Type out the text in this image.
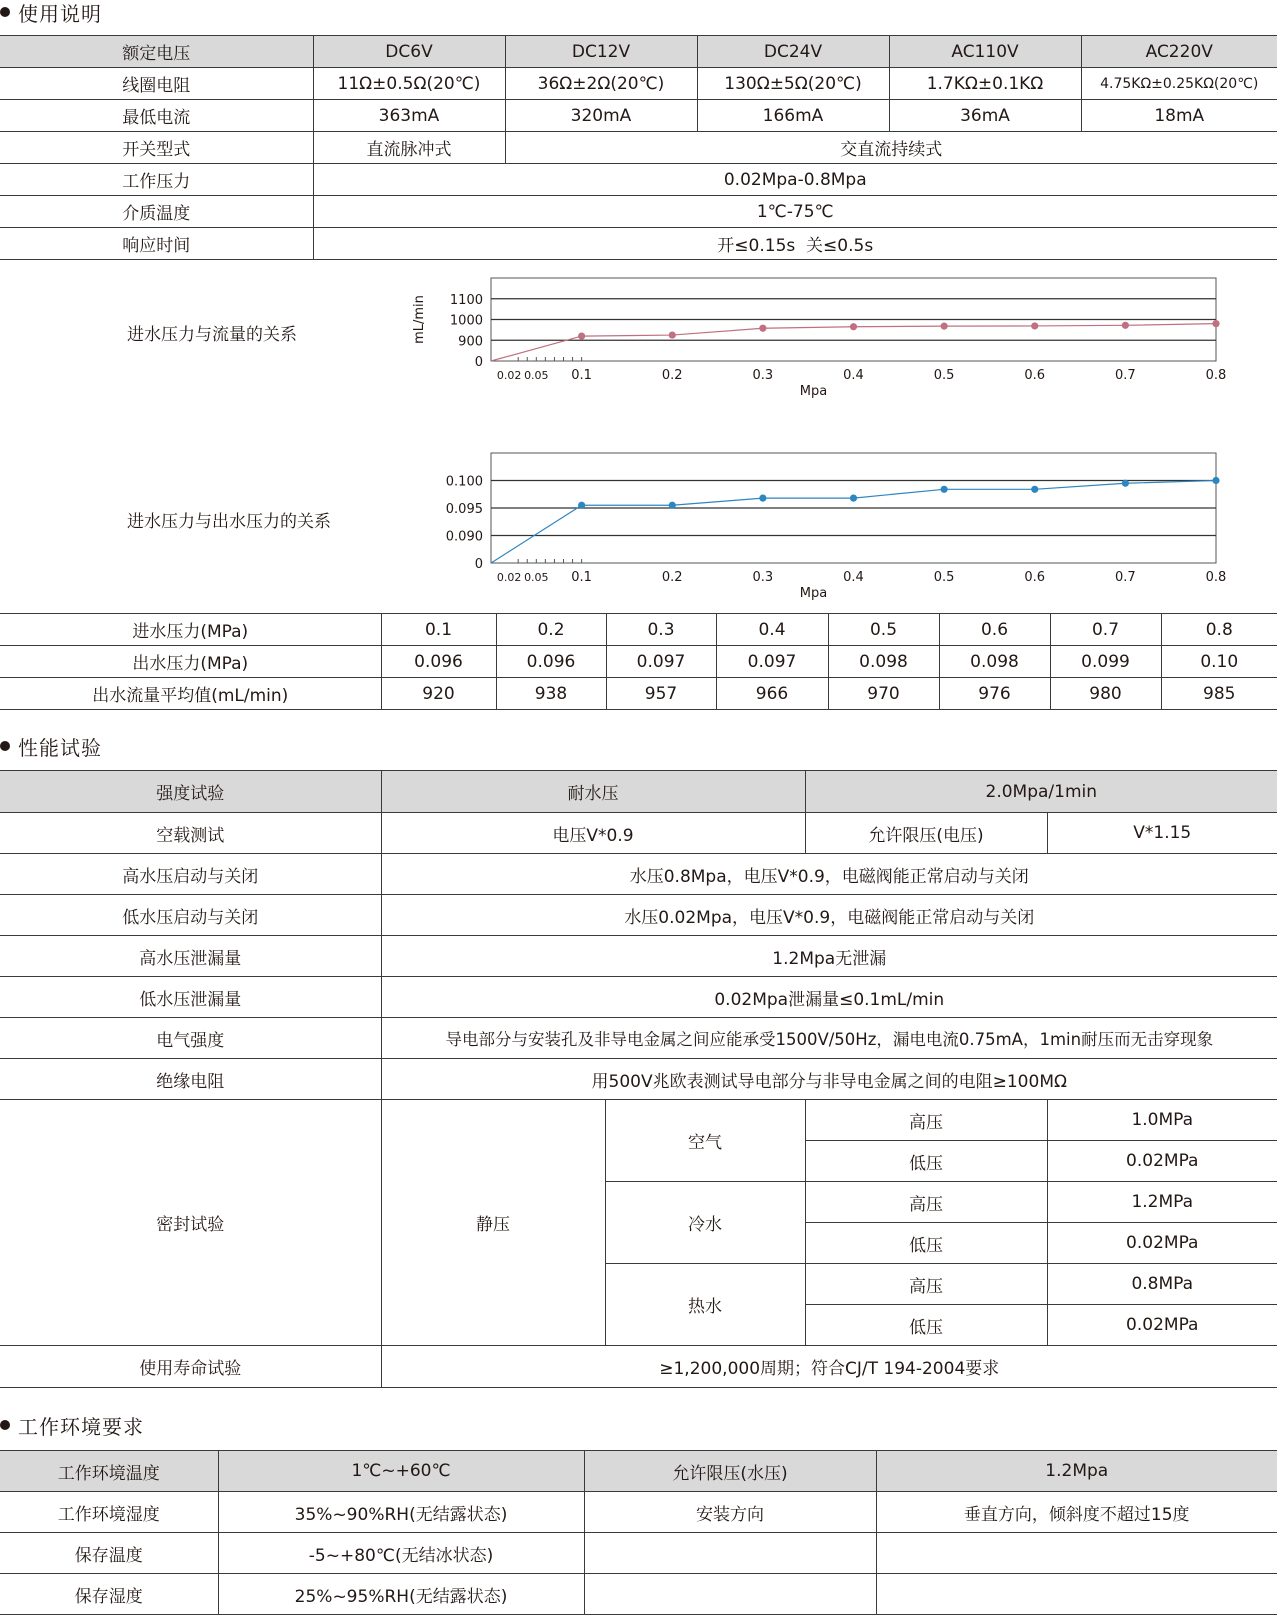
使用说明
额定电压	DC6V	DC12V	DC24V	AC110V	AC220V
线圈电阻	11Ω±0.5Ω(20℃)	36Ω±2Ω(20℃)	130Ω±5Ω(20℃)	1.7KΩ±0.1KΩ	4.75KΩ±0.25KΩ(20℃)
最低电流	363mA	320mA	166mA	36mA	18mA
开关型式	直流脉冲式	交直流持续式			
工作压力	0.02Mpa-0.8Mpa				
介质温度	1℃-75℃				
响应时间	开≤0.15s  关≤0.5s				
进水压力与流量的关系
0
900
1000
1100
0.02 0.05 0.1	0.2	0.3	0.4	0.5	0.6	0.7	0.8
Mpa
mL/min
进水压力与出水压力的关系
0
0.090
0.095
0.100
0.02 0.05 0.1	0.2	0.3	0.4	0.5	0.6	0.7	0.8
Mpa
进水压力(MPa)	0.1	0.2	0.3	0.4	0.5	0.6	0.7	0.8
出水压力(MPa)	0.096	0.096	0.097	0.097	0.098	0.098	0.099	0.10
出水流量平均值(mL/min)	920	938	957	966	970	976	980	985
性能试验
强度试验	耐水压		2.0Mpa/1min	
空载测试	电压V*0.9		允许限压(电压)	V*1.15
高水压启动与关闭	水压0.8Mpa，电压V*0.9，电磁阀能正常启动与关闭			
低水压启动与关闭	水压0.02Mpa，电压V*0.9，电磁阀能正常启动与关闭			
高水压泄漏量	1.2Mpa无泄漏			
低水压泄漏量	0.02Mpa泄漏量≤0.1mL/min			
电气强度	导电部分与安装孔及非导电金属之间应能承受1500V/50Hz，漏电电流0.75mA，1min耐压而无击穿现象			
绝缘电阻	用500V兆欧表测试导电部分与非导电金属之间的电阻≥100MΩ			
密封试验	静压	空气	高压	1.0MPa
			低压	0.02MPa
		冷水	高压	1.2MPa
			低压	0.02MPa
		热水	高压	0.8MPa
			低压	0.02MPa
使用寿命试验	≥1,200,000周期；符合CJ/T 194-2004要求			
工作环境要求
工作环境温度	1℃~+60℃	允许限压(水压)	1.2Mpa
工作环境湿度	35%~90%RH(无结露状态)	安装方向	垂直方向，倾斜度不超过15度
保存温度	-5~+80℃(无结冰状态)		
保存湿度	25%~95%RH(无结露状态)		
